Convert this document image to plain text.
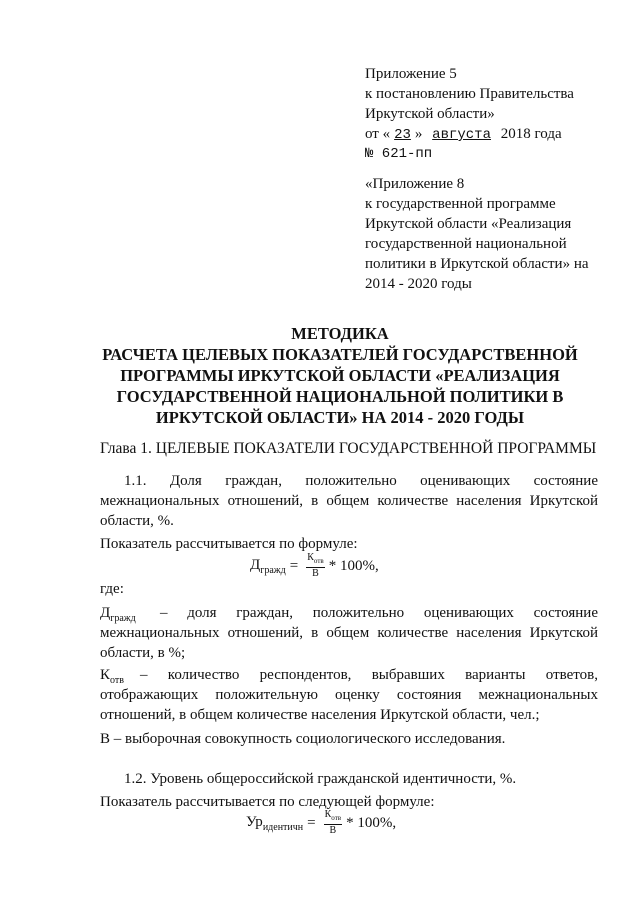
Приложение 5
к постановлению Правительства
Иркутской области»
от « 23 » августа 2018 года
№ 621-пп
«Приложение 8
к государственной программе
Иркутской области «Реализация
государственной национальной
политики в Иркутской области» на
2014 - 2020 годы
МЕТОДИКА
РАСЧЕТА ЦЕЛЕВЫХ ПОКАЗАТЕЛЕЙ ГОСУДАРСТВЕННОЙ
ПРОГРАММЫ ИРКУТСКОЙ ОБЛАСТИ «РЕАЛИЗАЦИЯ
ГОСУДАРСТВЕННОЙ НАЦИОНАЛЬНОЙ ПОЛИТИКИ В
ИРКУТСКОЙ ОБЛАСТИ» НА 2014 - 2020 ГОДЫ
Глава 1. ЦЕЛЕВЫЕ ПОКАЗАТЕЛИ ГОСУДАРСТВЕННОЙ ПРОГРАММЫ
1.1. Доля граждан, положительно оценивающих состояние
межнациональных отношений, в общем количестве населения Иркутской
области, %.
Показатель рассчитывается по формуле:
$Д_{гражд} = \frac{К_{отв}}{В} * 100\%$,
где:
$Д_{гражд}$	– доля граждан, положительно оценивающих состояние
межнациональных отношений, в общем количестве населения Иркутской
области, в %;
$К_{отв}$	– количество респондентов, выбравших варианты ответов,
отображающих положительную оценку состояния межнациональных
отношений, в общем количестве населения Иркутской области, чел.;
В – выборочная совокупность социологического исследования.
1.2. Уровень общероссийской гражданской идентичности, %.
Показатель рассчитывается по следующей формуле:
$Ур_{идентичн} = \frac{К_{отв}}{В} * 100\%$,
